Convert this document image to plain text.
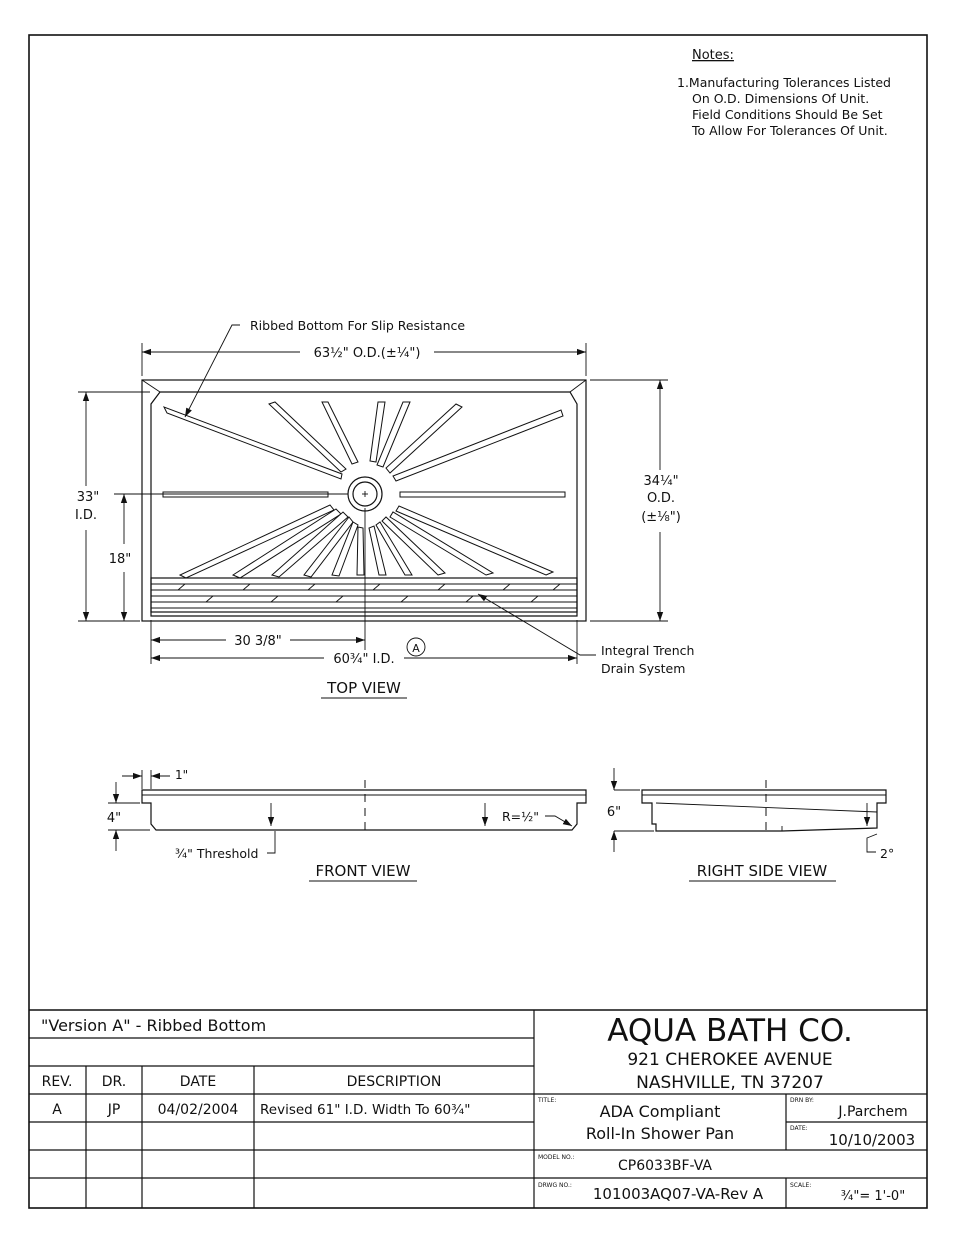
Notes:
1.Manufacturing Tolerances Listed
On O.D. Dimensions Of Unit.
Field Conditions Should Be Set
To Allow For Tolerances Of Unit.
63½" O.D.(±¼")
Ribbed Bottom For Slip Resistance
33"
I.D.
18"
34¼"
O.D.
(±⅛")
30 3/8"
60¾" I.D.
A	Integral Trench
Drain System
TOP VIEW
1"
4"	R=½"
¾" Threshold
FRONT VIEW
6"
2°
RIGHT SIDE VIEW
"Version A" - Ribbed Bottom	AQUA BATH CO.
921 CHEROKEE AVENUE
NASHVILLE, TN 37207
REV. DR.	DATE	DESCRIPTION
A	JP	04/02/2004 Revised 61" I.D. Width To 60¾"
TITLE:
ADA Compliant
Roll-In Shower Pan
DRN BY:
J.Parchem
DATE:
10/10/2003
MODEL NO.:
CP6033BF-VA
DRWG NO.: 101003AQ07-VA-Rev A	SCALE:
¾"= 1'-0"
